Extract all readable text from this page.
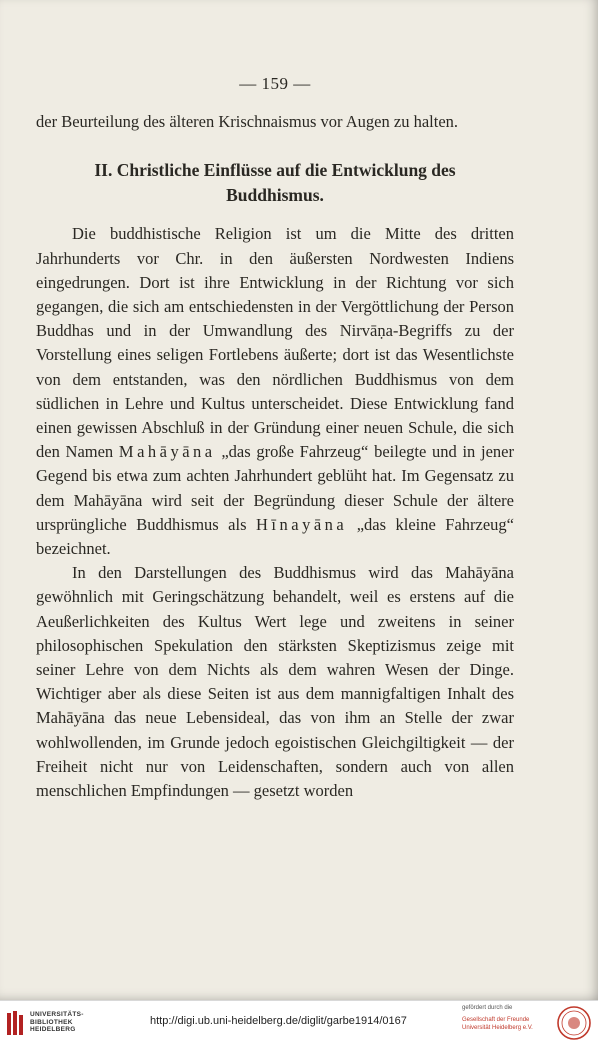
— 159 —

der Beurteilung des älteren Krischnaismus vor Augen zu halten.

II. Christliche Einflüsse auf die Entwicklung des
Buddhismus.

Die buddhistische Religion ist um die Mitte des dritten Jahrhunderts vor Chr. in den äußersten Nordwesten Indiens eingedrungen. Dort ist ihre Entwicklung in der Richtung vor sich gegangen, die sich am entschiedensten in der Vergöttlichung der Person Buddhas und in der Umwandlung des Nirvāṇa-Begriffs zu der Vorstellung eines seligen Fortlebens äußerte; dort ist das Wesentlichste von dem entstanden, was den nördlichen Buddhismus von dem südlichen in Lehre und Kultus unterscheidet. Diese Entwicklung fand einen gewissen Abschluß in der Gründung einer neuen Schule, die sich den Namen Mahāyāna „das große Fahrzeug“ beilegte und in jener Gegend bis etwa zum achten Jahrhundert geblüht hat. Im Gegensatz zu dem Mahāyāna wird seit der Begründung dieser Schule der ältere ursprüngliche Buddhismus als Hīnayāna „das kleine Fahrzeug“ bezeichnet.

In den Darstellungen des Buddhismus wird das Mahāyāna gewöhnlich mit Geringschätzung behandelt, weil es erstens auf die Aeußerlichkeiten des Kultus Wert lege und zweitens in seiner philosophischen Spekulation den stärksten Skeptizismus zeige mit seiner Lehre von dem Nichts als dem wahren Wesen der Dinge. Wichtiger aber als diese Seiten ist aus dem mannigfaltigen Inhalt des Mahāyāna das neue Lebensideal, das von ihm an Stelle der zwar wohlwollenden, im Grunde jedoch egoistischen Gleichgiltigkeit — der Freiheit nicht nur von Leidenschaften, sondern auch von allen menschlichen Empfindungen — gesetzt worden

UNIVERSITÄTS-
BIBLIOTHEK
HEIDELBERG
http://digi.ub.uni-heidelberg.de/diglit/garbe1914/0167
gefördert durch die
Gesellschaft der Freunde
Universität Heidelberg e.V.
